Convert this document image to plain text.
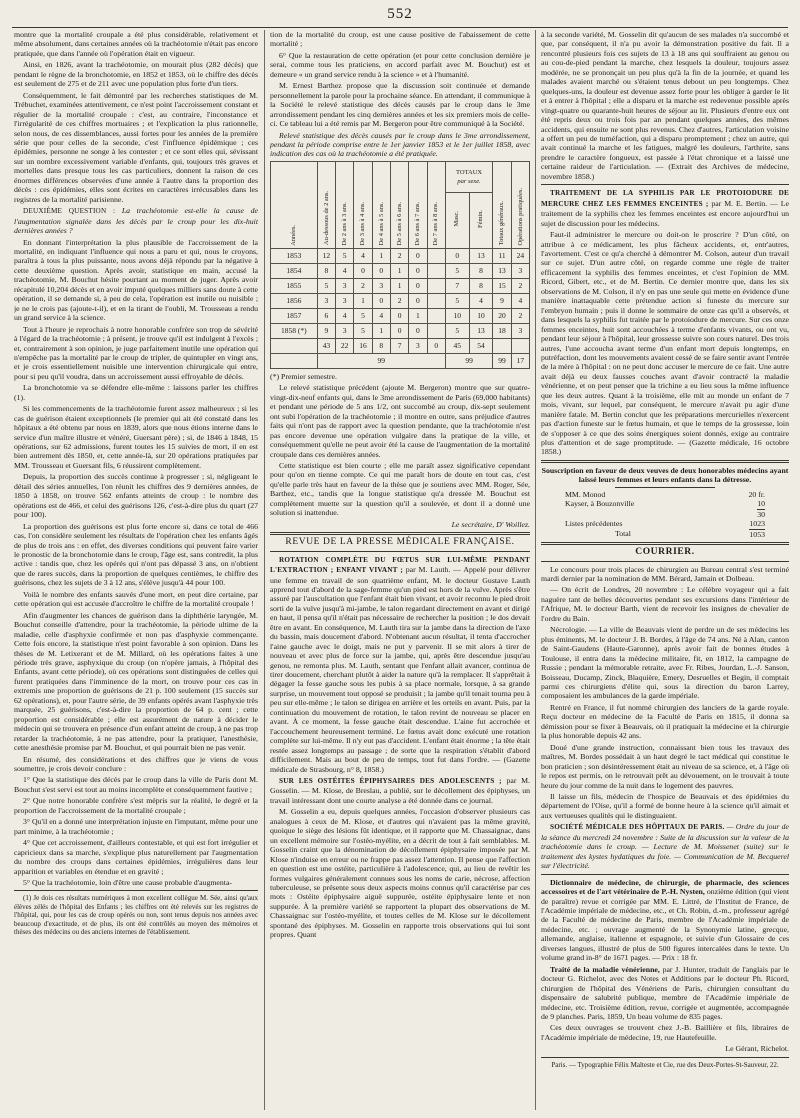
552

montre que la mortalité croupale a été plus considérable, relativement et même absolument, dans certaines années où la trachéotomie n'était pas encore pratiquée, que dans l'année où l'opération était en vigueur.

Ainsi, en 1826, avant la trachéotomie, on mourait plus (282 décès) que pendant le règne de la bronchotomie, en 1852 et 1853, où le chiffre des décès est seulement de 275 et de 211 avec une population plus forte d'un tiers.

Conséquemment, le fait démontré par les recherches statistiques de M. Trébuchet, examinées attentivement, ce n'est point l'accroissement constant et régulier de la mortalité croupale : c'est, au contraire, l'inconstance et l'irrégularité de ces chiffres mortuaires ; et l'explication la plus rationnelle, selon nous, de ces dissemblances, aussi fortes pour les années de la première série que pour celles de la seconde, c'est l'influence épidémique ; ces épidémies, personne ne songe à les contester ; et ce sont elles qui, sévissant sur un nombre excessivement variable d'enfants, qui, toujours très graves et mortelles dans presque tous les cas particuliers, donnent la raison de ces énormes différences observées d'une année à l'autre dans la proportion des décès : ces épidémies, elles sont écrites en caractères irrécusables dans les registres de la mortalité parisienne.

DEUXIÈME QUESTION : La trachéotomie est-elle la cause de l'augmentation signalée dans les décès par le croup pour les dix-huit dernières années ?

En donnant l'interprétation la plus plausible de l'accroissement de la mortalité, en indiquant l'influence qui nous a paru et qui, nous le croyons, paraîtra à tous la plus puissante, nous avons déjà répondu par la négative à cette deuxième question. Après avoir, statistique en main, accusé la trachéotomie, M. Bouchut hésite pourtant au moment de juger. Après avoir récapitulé 10,204 décès et en avoir imputé quelques milliers sans doute à cette opération, il se demande si, à peu de cela, l'opération est inutile ou nuisible ; je ne le crois pas (ajoute-t-il), et en la tirant de l'oubli, M. Trousseau a rendu un grand service à la science.

Tout à l'heure je reprochais à notre honorable confrère son trop de sévérité à l'égard de la trachéotomie ; à présent, je trouve qu'il est indulgent à l'excès ; et, contrairement à son opinion, je juge parfaitement inutile une opération qui n'empêche pas la mortalité par le croup de tripler, de quintupler en vingt ans, et je crois essentiellement nuisible une intervention chirurgicale qui entre, pour si peu qu'il voudra, dans un accroissement aussi effroyable de décès.

La bronchotomie va se défendre elle-même : laissons parler les chiffres (1).

Si les commencements de la trachéotomie furent assez malheureux ; si les cas de guérison étaient exceptionnels (le premier qui ait été constaté dans les hôpitaux a été obtenu par nous en 1839, alors que nous étions interne dans le service d'un maître illustre et vénéré, Guersant père) ; si, de 1846 à 1848, 15 opérations, sur 62 admissions, furent toutes les 15 suivies de mort, il en est bien autrement dès 1850, et, cette année-là, sur 20 opérations pratiquées par MM. Trousseau et Guersant fils, 6 réussirent complètement.

Depuis, la proportion des succès continue à progresser ; si, négligeant le détail des séries annuelles, l'on réunit les chiffres des 9 dernières années, de 1850 à 1858, on trouve 562 enfants atteints de croup : le nombre des opérations est de 466, et celui des guérisons 126, c'est-à-dire plus du quart (27 pour 100).

La proportion des guérisons est plus forte encore si, dans ce total de 466 cas, l'on considère seulement les résultats de l'opération chez les enfants âgés de plus de trois ans : en effet, des diverses conditions qui peuvent faire varier le pronostic de la bronchotomie dans le croup, l'âge est, sans contredit, la plus active : tandis que, chez les opérés qui n'ont pas dépassé 3 ans, on n'obtient que de rares succès, dans la proportion de quelques centièmes, le chiffre des guérisons, chez les sujets de 3 à 12 ans, s'élève jusqu'à 44 pour 100.

Voilà le nombre des enfants sauvés d'une mort, en peut dire certaine, par cette opération qui est accusée d'accroître le chiffre de la mortalité croupale !

Afin d'augmenter les chances de guérison dans la diphthérie laryngée, M. Bouchut conseille d'attendre, pour la trachéotomie, la période ultime de la maladie, celle d'asphyxie confirmée et non pas d'asphyxie commençante. Cette fois encore, la statistique n'est point favorable à son opinion. Dans les thèses de M. Letixerant et de M. Millard, où les opérations faites à une période très grave, asphyxique du croup (on n'opère jamais, à l'hôpital des Enfants, avant cette période), où ces opérations sont distinguées de celles qui furent pratiquées dans l'imminence de la mort, on trouve pour ces cas in extremis une proportion de guérisons de 21 p. 100 seulement (15 succès sur 62 opérations), et, pour l'autre série, de 39 enfants opérés avant l'asphyxie très marquée, 25 guérisons, c'est-à-dire la proportion de 64 p. cent ; cette proportion est considérable ; elle est assurément de nature à décider le médecin qui se trouvera en présence d'un enfant atteint de croup, à ne pas trop retarder la trachéotomie, à ne pas attendre, pour la pratiquer, l'anesthésie, cette anesthésie promise par M. Bouchut, et qui pourrait bien ne pas venir.

En résumé, des considérations et des chiffres que je viens de vous soumettre, je crois devoir conclure :

1° Que la statistique des décès par le croup dans la ville de Paris dont M. Bouchut s'est servi est tout au moins incomplète et conséquemment fautive ;

2° Que notre honorable confrère s'est mépris sur la réalité, le degré et la proportion de l'accroissement de la mortalité croupale ;

3° Qu'il en a donné une interprétation injuste en l'imputant, même pour une part minime, à la trachéotomie ;

4° Que cet accroissement, d'ailleurs contestable, et qui est fort irrégulier et capricieux dans sa marche, s'explique plus naturellement par l'augmentation du nombre des croups dans certaines épidémies, irrégulières dans leur apparition et variables en étendue et en gravité ;

5° Que la trachéotomie, loin d'être une cause probable d'augmenta-

(1) Je dois ces résultats numériques à mon excellent collègue M. Sée, ainsi qu'aux élèves zélés de l'hôpital des Enfants ; les chiffres ont été relevés sur les registres de l'hôpital, qui, pour les cas de croup opérés ou non, sont tenus depuis nos années avec beaucoup d'exactitude, et de plus, ils ont été contrôlés au moyen des mémoires et thèses des médecins ou des anciens internes de l'établissement.

tion de la mortalité du croup, est une cause positive de l'abaissement de cette mortalité ;

6° Que la restauration de cette opération (et pour cette conclusion dernière je serai, comme tous les praticiens, en accord parfait avec M. Bouchut) est et demeure « un grand service rendu à la science » et à l'humanité.

M. Ernest Barthez propose que la discussion soit continuée et demande personnellement la parole pour la prochaine séance. En attendant, il communique à la Société le relevé statistique des décès causés par le croup dans le 3me arrondissement pendant les cinq dernières années et les six premiers mois de celle-ci. Ce tableau lui a été remis par M. Bergeron pour être communiqué à la Société.

Relevé statistique des décès causés par le croup dans le 3me arrondissement, pendant la période comprise entre le 1er janvier 1853 et le 1er juillet 1858, avec indication des cas où la trachéotomie a été pratiquée.

Années.	Au-dessous de 2 ans.	De 2 ans à 3 ans.	De 3 ans à 4 ans.	De 4 ans à 5 ans.	De 5 ans à 6 ans.	De 6 ans à 7 ans.	De 7 ans à 8 ans.	TOTAUX
par sexe.		Totaux généraux.	Opérations pratiquées.
								Masc.	Fémin.		
1853	12	5	4	1	2	0		0	13	11	24
1854	8	4	0	0	1	0		5	8	13	3
1855	5	3	2	3	1	0		7	8	15	2
1856	3	3	1	0	2	0		5	4	9	4
1857	6	4	5	4	0	1		10	10	20	2
1858 (*)	9	3	5	1	0	0		5	13	18	3
	43	22	16	8	7	3	0	45	54		
	99							99		99	17

(*) Premier semestre.

Le relevé statistique précédent (ajoute M. Bergeron) montre que sur quatre-vingt-dix-neuf enfants qui, dans le 3me arrondissement de Paris (69,000 habitants) et pendant une période de 5 ans 1/2, ont succombé au croup, dix-sept seulement ont subi l'opération de la trachéotomie ; il montre en outre, sans préjudice d'autres faits qui n'ont pas de rapport avec la question pendante, que la trachéotomie n'est pas encore devenue une opération vulgaire dans la pratique de la ville, et conséquemment qu'elle ne peut avoir été la cause de l'augmentation de la mortalité croupale dans ces dernières années.

Cette statistique est bien courte ; elle me paraît assez significative cependant pour qu'on en tienne compte. Ce qui me paraît hors de doute en tout cas, c'est qu'elle parle très haut en faveur de la thèse que je soutiens avec MM. Roger, Sée, Barthez, etc., tandis que la longue statistique qu'a dressée M. Bouchut est complétement muette sur la question qu'il a soulevée, et dont il a donné une solution si inattendue.

Le secrétaire, D' Woillez.

REVUE DE LA PRESSE MÉDICALE FRANÇAISE.

ROTATION COMPLÈTE DU FŒTUS SUR LUI-MÊME PENDANT L'EXTRACTION ; ENFANT VIVANT ; par M. Lauth. — Appelé pour délivrer une femme en travail de son quatrième enfant, M. le docteur Gustave Lauth apprend tout d'abord de la sage-femme qu'un pied est hors de la vulve. Après s'être assuré par l'auscultation que l'enfant était bien vivant, et avoir reconnu le pied droit sorti de la vulve jusqu'à mi-jambe, le talon regardant directement en avant et dirigé en haut, il pensa qu'il n'était pas nécessaire de rechercher la position ; le dos devait être en avant. En conséquence, M. Lauth tira sur la jambe dans la direction de l'axe du bassin, mais doucement d'abord. N'obtenant aucun résultat, il tenta d'accrocher l'aine gauche avec le doigt, mais ne put y parvenir. Il se mit alors à tirer de nouveau et avec plus de force sur la jambe, qui, après être descendue jusqu'au genou, ne remonta plus. M. Lauth, sentant que l'enfant allait avancer, continua de tirer doucement, cherchant plutôt à aider la nature qu'à la remplacer. Il s'apprêtait à dégager la fesse gauche sous les pubis à sa place normale, lorsque, à sa grande surprise, un mouvement tout opposé se produisit ; la jambe qu'il tenait tourna peu à peu sur elle-même ; le talon se dirigea en arrière et les orteils en avant. Puis, par la continuation du mouvement de rotation, le talon revint de nouveau se placer en avant. À ce moment, la fesse gauche était descendue. L'aine fut accrochée et l'accouchement heureusement terminé. Le fœtus avait donc exécuté une rotation complète sur lui-même. Il n'y eut pas d'accident. L'enfant était énorme ; la tête était restée assez longtemps au passage ; de sorte que la respiration s'établit d'abord difficilement. Mais au bout de peu de temps, tout fut dans l'ordre. — (Gazette médicale de Strasbourg, n° 8, 1858.)

SUR LES OSTÉITES ÉPIPHYSAIRES DES ADOLESCENTS ; par M. Gosselin. — M. Klose, de Breslau, a publié, sur le décollement des épiphyses, un travail intéressant dont une courte analyse a été donnée dans ce journal.

M. Gosselin a eu, depuis quelques années, l'occasion d'observer plusieurs cas analogues à ceux de M. Klose, et d'autres qui n'avaient pas la même gravité, quoique le siège des lésions fût identique, et il rapporte que M. Chassaignac, dans un excellent mémoire sur l'ostéo-myélite, en a décrit de tout à fait semblables. M. Gosselin craint que la dénomination de décollement épiphysaire imposée par M. Klose n'induise en erreur ou ne frappe pas assez l'attention. Il pense que l'affection en question est une ostéite, particulière à l'adolescence, qui, au lieu de revêtir les formes vulgaires généralement connues sous les noms de carie, nécrose, affection tuberculeuse, se présente sous deux aspects moins connus qu'il caractérise par ces mots : Ostéite épiphysaire aiguë suppurée, ostéite épiphysaire lente et non suppurée. À la première variété se rapportent la plupart des observations de M. Chassaignac sur l'ostéo-myélite, et toutes celles de M. Klose sur le décollement spontané des épiphyses. M. Gosselin en rapporte trois observations qui lui sont propres. Quant

à la seconde variété, M. Gosselin dit qu'aucun de ses malades n'a succombé et que, par conséquent, il n'a pu avoir la démonstration positive du fait. Il a rencontré plusieurs fois ces sujets de 13 à 18 ans qui souffraient au genou ou au cou-de-pied pendant la marche, chez lesquels la douleur, toujours assez modérée, ne se prononçait un peu plus qu'à la fin de la journée, et quand les malades avaient marché ou s'étaient tenus debout un peu longtemps. Chez quelques-uns, la douleur est devenue assez forte pour les obliger à garder le lit et à entrer à l'hôpital ; elle a disparu et la marche est redevenue possible après vingt-quatre ou quarante-huit heures de séjour au lit. Plusieurs d'entre eux ont été repris deux ou trois fois par an pendant quelques années, des mêmes accidents, qui ensuite ne sont plus revenus. Chez d'autres, l'articulation voisine a offert un peu de tuméfaction, qui a disparu promptement ; chez un autre, qui avait continué la marche et les fatigues, malgré les douleurs, l'arthrite, sans prendre le caractère fongueux, est passée à l'état chronique et a laissé une certaine raideur de l'articulation. — (Extrait des Archives de médecine, novembre 1858.)

TRAITEMENT DE LA SYPHILIS PAR LE PROTOIODURE DE MERCURE CHEZ LES FEMMES ENCEINTES ; par M. E. Bertin. — Le traitement de la syphilis chez les femmes enceintes est encore aujourd'hui un sujet de discussion pour les médecins.

Faut-il administrer le mercure ou doit-on le proscrire ? D'un côté, on attribue à ce médicament, les plus fâcheux accidents, et, entr'autres, l'avortement. C'est ce qu'a cherché à démontrer M. Colson, auteur d'un travail sur ce sujet. D'un autre côté, on regarde comme une règle de traiter efficacement la syphilis des femmes enceintes, et c'est l'opinion de MM. Ricord, Gibert, etc., et de M. Bertin. Ce dernier montre que, dans les six observations de M. Colson, il n'y en pas une seule qui mette en évidence d'une manière inattaquable cette prétendue action si funeste du mercure sur l'embryon humain ; puis il donne le sommaire de onze cas qu'il a observés, et dans lesquels la syphilis fut traitée par le protoiodure de mercure. Sur ces onze femmes enceintes, huit sont accouchées à terme d'enfants vivants, ou ont vu, pendant leur séjour à l'hôpital, leur grossesse suivre son cours naturel. Des trois autres, l'une accoucha avant terme d'un enfant mort depuis longtemps, en putréfaction, dont les mouvements avaient cessé de se faire sentir avant l'entrée de la mère à l'hôpital : on ne peut donc accuser le mercure de ce fait. Une autre avait déjà eu deux fausses couches avant d'avoir contracté la maladie vénérienne, et on peut penser que la trichine a eu lieu sous la même influence que les deux autres. Quant à la troisième, elle mit au monde un enfant de 7 mois, vivant, sur lequel, par conséquent, le mercure n'avait pu agir d'une manière fatale. M. Bertin conclut que les préparations mercurielles n'exercent pas d'action funeste sur le fœtus humain, et que le temps de la grossesse, loin de s'opposer à ce que des soins énergiques soient donnés, exige au contraire plus d'attention et de sage promptitude. — (Gazette médicale, 16 octobre 1858.)

Souscription en faveur de deux veuves de deux honorables médecins ayant laissé leurs femmes et leurs enfants dans la détresse.

MM. Monod	20 fr.
Kayser, à Bouzonville	10
30
Listes précédentes	1023
Total	1053
COURRIER.

Le concours pour trois places de chirurgien au Bureau central s'est terminé mardi dernier par la nomination de MM. Bérard, Jamain et Dolbeau.

— On écrit de Londres, 20 novembre : Le célèbre voyageur qui a fait naguère tant de belles découvertes pendant ses excursions dans l'intérieur de l'Afrique, M. le docteur Barth, vient de recevoir les insignes de chevalier de l'ordre du Bain.

Nécrologie. — La ville de Beauvais vient de perdre un de ses médecins les plus éminents, M. le docteur J. B. Bordes, à l'âge de 74 ans. Né à Alan, canton de Saint-Gaudens (Haute-Garonne), après avoir fait de bonnes études à Toulouse, il entra dans la médecine militaire, fit, en 1812, la campagne de Russie ; pendant la mémorable retraite, avec Fr. Ribes, Jourdan, L.-J. Sanson, Boisseau, Ducamp, Zinck, Blaquière, Emery, Desruelles et Begin, il comptait parmi ces chirurgiens d'élite qui, sous la direction du baron Larrey, composaient les ambulances de la garde impériale.

Rentré en France, il fut nommé chirurgien des lanciers de la garde royale. Reçu docteur en médecine de la Faculté de Paris en 1815, il donna sa démission pour se fixer à Beauvais, où il pratiquait la médecine et la chirurgie la plus honorable depuis 42 ans.

Doué d'une grande instruction, connaissant bien tous les travaux des maîtres, M. Bordes possédait à un haut degré le tact médical qui constitue le bon praticien ; son désintéressement était au niveau de sa science, et, à l'âge où le repos est permis, on le retrouvait prêt au dévouement, on le trouvait à toute heure du jour comme de la nuit dans le logement des pauvres.

Il laisse un fils, médecin de l'hospice de Beauvais et des épidémies du département de l'Oise, qu'il a formé de bonne heure à la science qu'il aimait et aux vertueuses qualités qui le distinguaient.

SOCIÉTÉ MÉDICALE DES HÔPITAUX DE PARIS. — Ordre du jour de la séance du mercredi 24 novembre : Suite de la discussion sur la valeur de la trachéotomie dans le croup. — Lecture de M. Moissenet (suite) sur le traitement des kystes hydatiques du foie. — Communication de M. Becquerel sur l'électricité.

Dictionnaire de médecine, de chirurgie, de pharmacie, des sciences accessoires et de l'art vétérinaire de P.-H. Nysten, onzième édition (qui vient de paraître) revue et corrigée par MM. E. Littré, de l'Institut de France, de l'Académie impériale de médecine, etc., et Ch. Robin, d.-m., professeur agrégé de la Faculté de médecine de Paris, membre de l'Académie impériale de médecine, etc. ; ouvrage augmenté de la Synonymie latine, grecque, allemande, anglaise, italienne et espagnole, et suivie d'un Glossaire de ces diverses langues, illustré de plus de 500 figures intercalées dans le texte. Un volume grand in-8° de 1671 pages. — Prix : 18 fr.

Traité de la maladie vénérienne, par J. Hunter, traduit de l'anglais par le docteur G. Richelot, avec des Notes et Additions par le docteur Ph. Ricord, chirurgien de l'hôpital des Vénériens de Paris, chirurgien consultant du dispensaire de salubrité publique, membre de l'Académie impériale de médecine, etc. Troisième édition, revue, corrigée et augmentée, accompagnée de 9 planches. Paris, 1859, Un beau volume de 835 pages.

Ces deux ouvrages se trouvent chez J.-B. Baillière et fils, libraires de l'Académie impériale de médecine, 19, rue Hautefeuille.

Le Gérant, Richelot.

Paris. — Typographie Félix Malteste et Cie, rue des Deux-Portes-St-Sauveur, 22.
